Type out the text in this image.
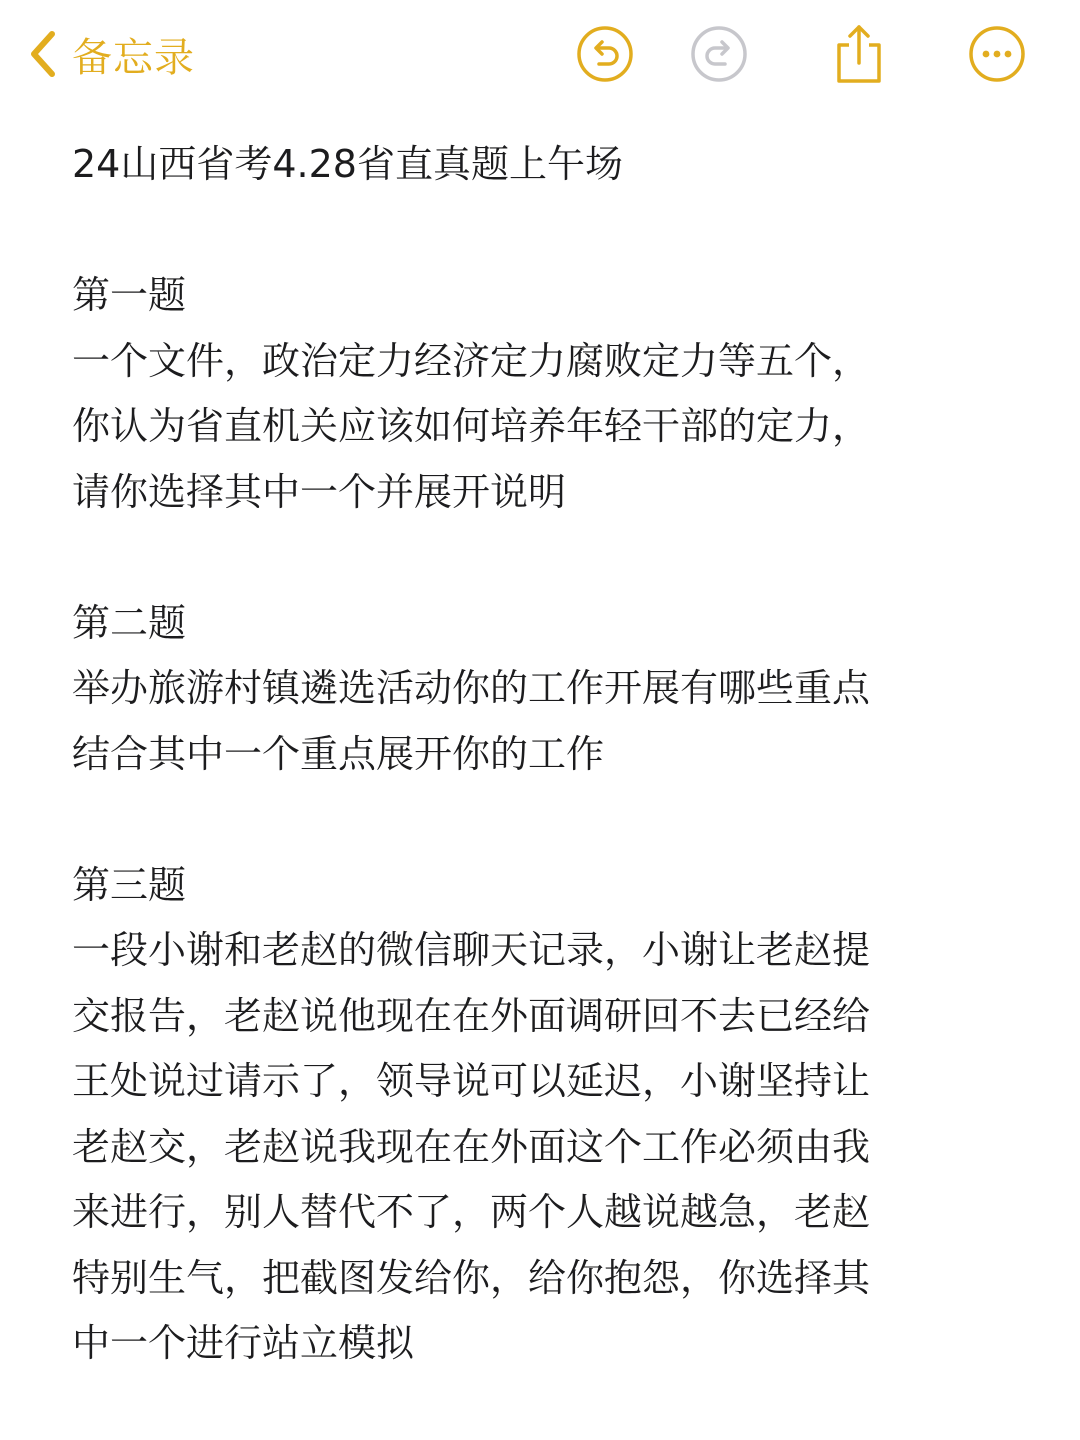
备忘录
24山西省考4.28省直真题上午场
第一题
一个文件，政治定力经济定力腐败定力等五个，
你认为省直机关应该如何培养年轻干部的定力，
请你选择其中一个并展开说明
第二题
举办旅游村镇遴选活动你的工作开展有哪些重点
结合其中一个重点展开你的工作
第三题
一段小谢和老赵的微信聊天记录，小谢让老赵提
交报告，老赵说他现在在外面调研回不去已经给
王处说过请示了，领导说可以延迟，小谢坚持让
老赵交，老赵说我现在在外面这个工作必须由我
来进行，别人替代不了，两个人越说越急，老赵
特别生气，把截图发给你，给你抱怨，你选择其
中一个进行站立模拟
